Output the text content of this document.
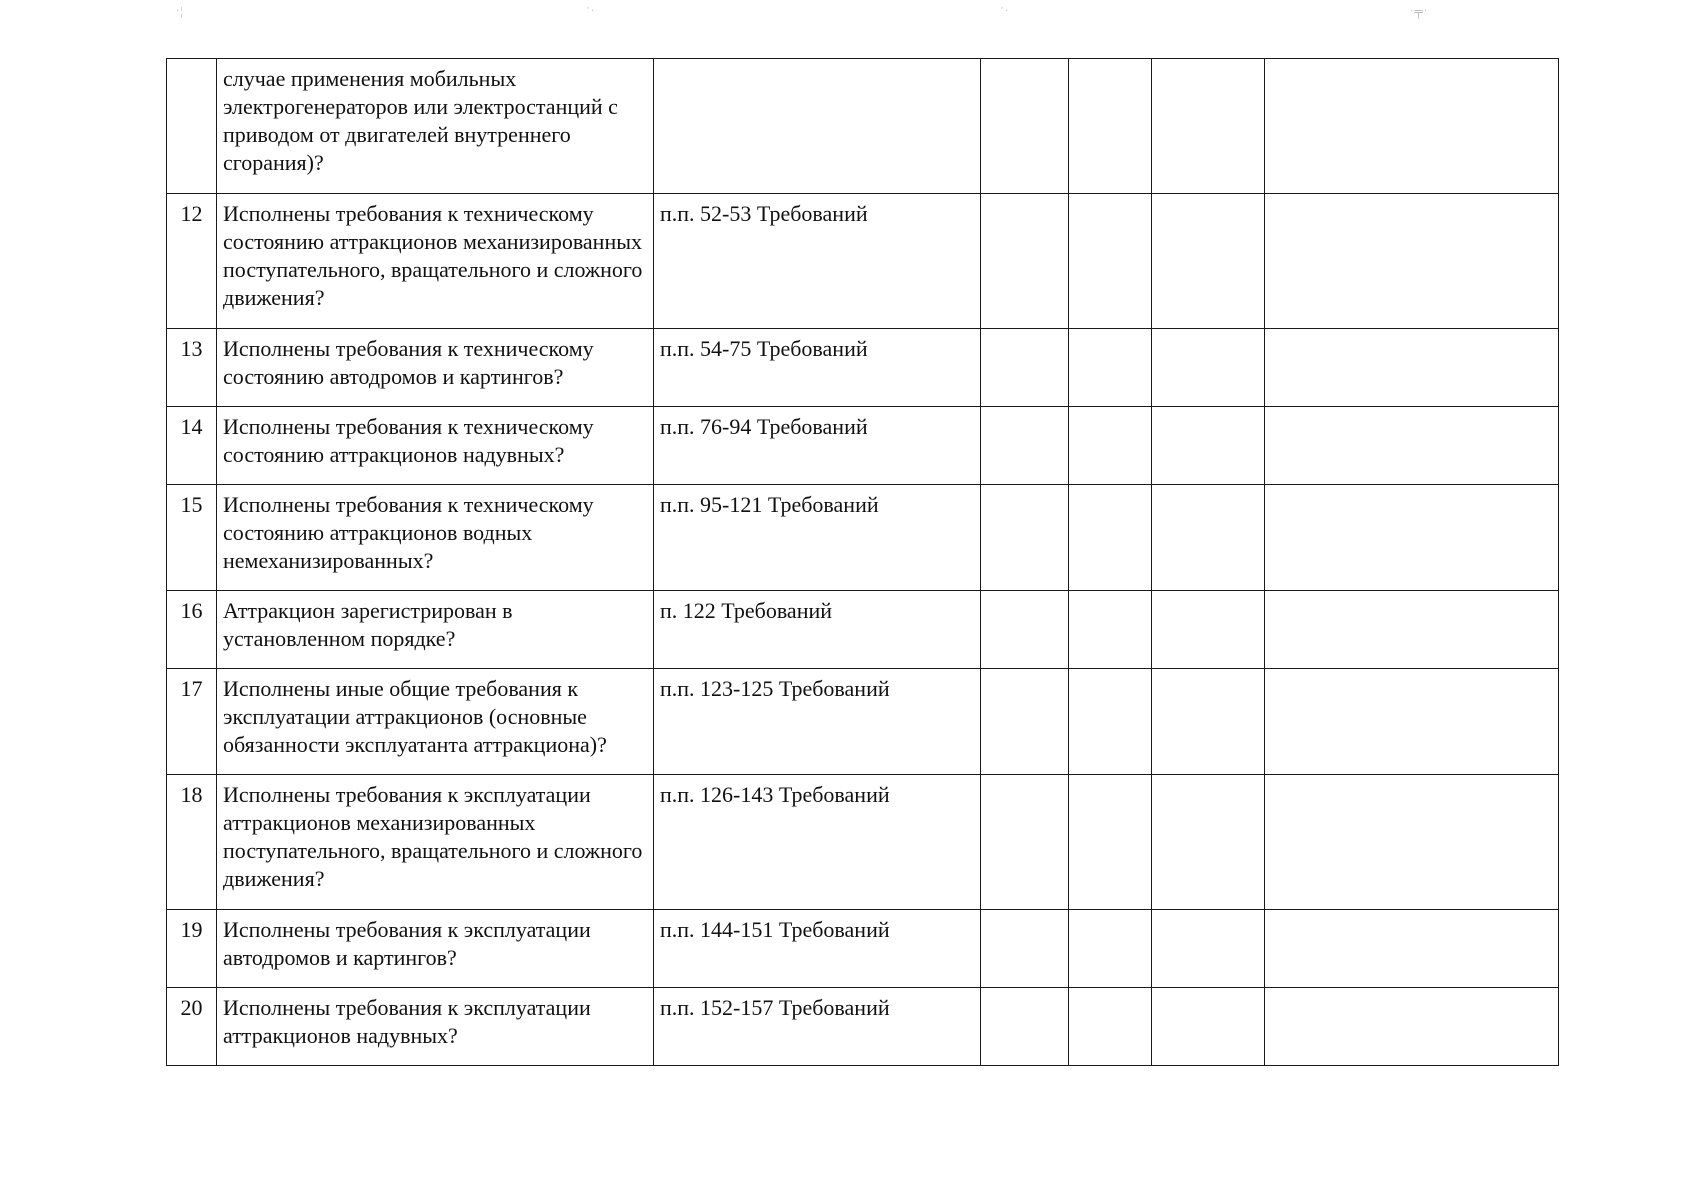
ˑ¦	˙ˑ	˙ˑ	ˑ╤ˑ
	случае применения мобильных электрогенераторов или электростанций с приводом от двигателей внутреннего сгорания)?					
12	Исполнены требования к техническому состоянию аттракционов механизированных поступательного, вращательного и сложного движения?	п.п. 52-53 Требований				
13	Исполнены требования к техническому состоянию автодромов и картингов?	п.п. 54-75 Требований				
14	Исполнены требования к техническому состоянию аттракционов надувных?	п.п. 76-94 Требований				
15	Исполнены требования к техническому состоянию аттракционов водных немеханизированных?	п.п. 95-121 Требований				
16	Аттракцион зарегистрирован в установленном порядке?	п. 122 Требований				
17	Исполнены иные общие требования к эксплуатации аттракционов (основные обязанности эксплуатанта аттракциона)?	п.п. 123-125 Требований				
18	Исполнены требования к эксплуатации аттракционов механизированных поступательного, вращательного и сложного движения?	п.п. 126-143 Требований				
19	Исполнены требования к эксплуатации автодромов и картингов?	п.п. 144-151 Требований				
20	Исполнены требования к эксплуатации аттракционов надувных?	п.п. 152-157 Требований				
